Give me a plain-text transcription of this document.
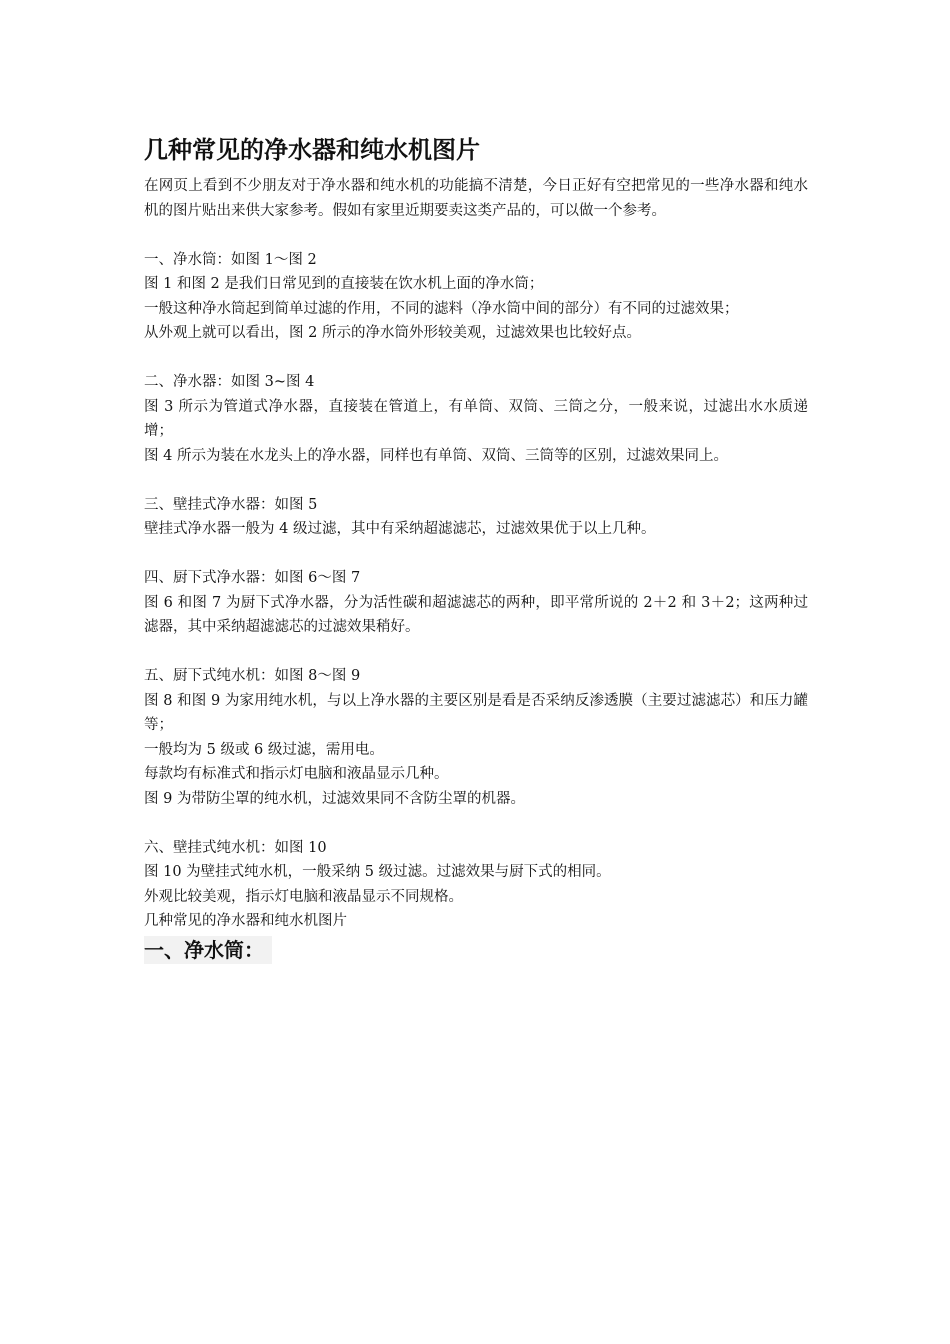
几种常见的净水器和纯水机图片

在网页上看到不少朋友对于净水器和纯水机的功能搞不清楚，今日正好有空把常见的一些净水器和纯水机的图片贴出来供大家参考。假如有家里近期要卖这类产品的，可以做一个参考。

一、净水筒：如图 1～图 2

图 1 和图 2 是我们日常见到的直接装在饮水机上面的净水筒；

一般这种净水筒起到简单过滤的作用，不同的滤料（净水筒中间的部分）有不同的过滤效果；

从外观上就可以看出，图 2 所示的净水筒外形较美观，过滤效果也比较好点。

二、净水器：如图 3~图 4

图 3 所示为管道式净水器，直接装在管道上，有单筒、双筒、三筒之分，一般来说，过滤出水水质递增；

图 4 所示为装在水龙头上的净水器，同样也有单筒、双筒、三筒等的区别，过滤效果同上。

三、壁挂式净水器：如图 5

壁挂式净水器一般为 4 级过滤，其中有采纳超滤滤芯，过滤效果优于以上几种。

四、厨下式净水器：如图 6～图 7

图 6 和图 7 为厨下式净水器，分为活性碳和超滤滤芯的两种，即平常所说的 2＋2 和 3＋2；这两种过滤器，其中采纳超滤滤芯的过滤效果稍好。

五、厨下式纯水机：如图 8～图 9

图 8 和图 9 为家用纯水机，与以上净水器的主要区别是看是否采纳反渗透膜（主要过滤滤芯）和压力罐等；

一般均为 5 级或 6 级过滤，需用电。

每款均有标准式和指示灯电脑和液晶显示几种。

图 9 为带防尘罩的纯水机，过滤效果同不含防尘罩的机器。

六、壁挂式纯水机：如图 10

图 10 为壁挂式纯水机，一般采纳 5 级过滤。过滤效果与厨下式的相同。

外观比较美观，指示灯电脑和液晶显示不同规格。

几种常见的净水器和纯水机图片

一、净水筒：
